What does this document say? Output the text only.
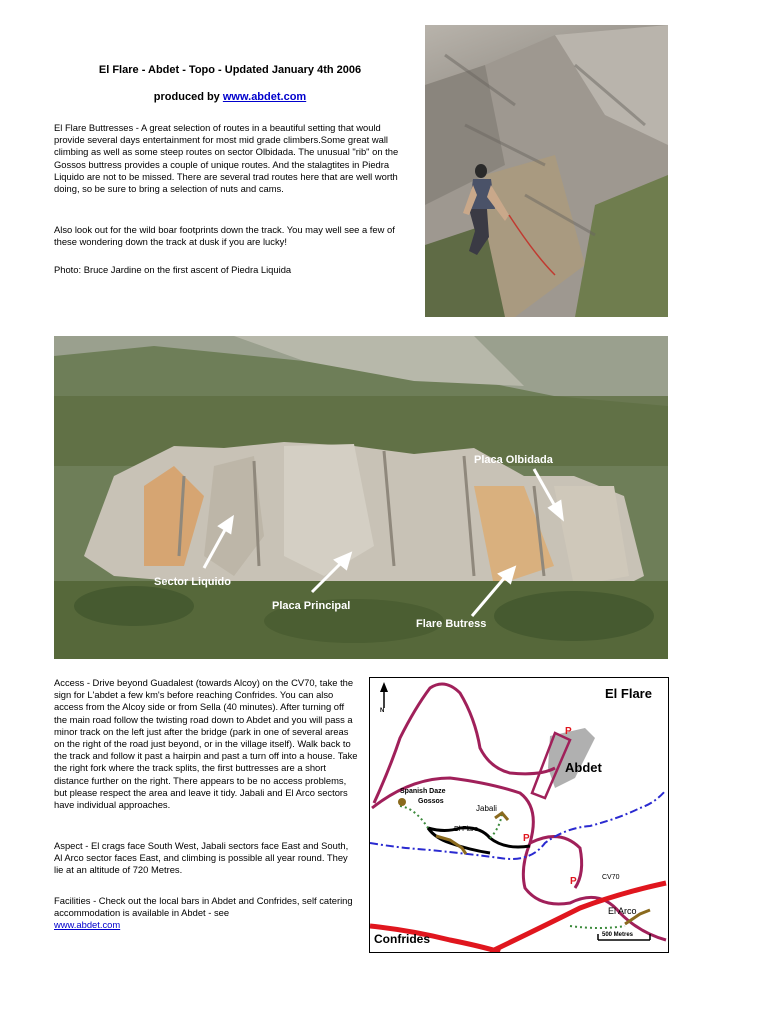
El Flare - Abdet - Topo - Updated January 4th 2006
produced by www.abdet.com
El Flare Buttresses - A great selection of routes in a beautiful setting that would provide several days entertainment for most mid grade climbers.Some great wall climbing as well as some steep routes on sector Olbidada. The unusual "rib" on the Gossos buttress provides a couple of unique routes. And the stalagtites in Piedra Liquido are not to be missed. There are several trad routes here that are well worth doing, so be sure to bring a selection of nuts and cams.
Also look out for the wild boar footprints down the track. You may well see a few of these wondering down the track at dusk if you are lucky!
Photo: Bruce Jardine on the first ascent of Piedra Liquida
Placa Olbidada
Sector Liquido
Placa Principal
Flare Butress
Access - Drive beyond Guadalest (towards Alcoy) on the CV70, take the sign for L'abdet a few km's before reaching Confrides. You can also access from the Alcoy side or from Sella (40 minutes). After turning off the main road follow the twisting road down to Abdet and you will pass a minor track on the left just after the bridge (park in one of several areas on the right of the road just beyond, or in the village itself). Walk back to the track and follow it past a hairpin and past a turn off into a house. Take the right fork where the track splits, the first buttresses are a short distance further on the right. There appears to be no access problems, but please respect the area and leave it tidy. Jabali and El Arco sectors have individual approaches.
Aspect - El crags face South West, Jabali sectors face East and South, Al Arco sector faces East, and climbing is possible all year round. They lie at an altitude of 720 Metres.
Facilities - Check out the local bars in Abdet and Confrides, self catering accommodation is available in Abdet - see
www.abdet.com
N
El Flare
Abdet
Spanish Daze
Gossos
Jabali
El Flare
CV70
El Arco
Confrides	500 Metres
P
P
P
